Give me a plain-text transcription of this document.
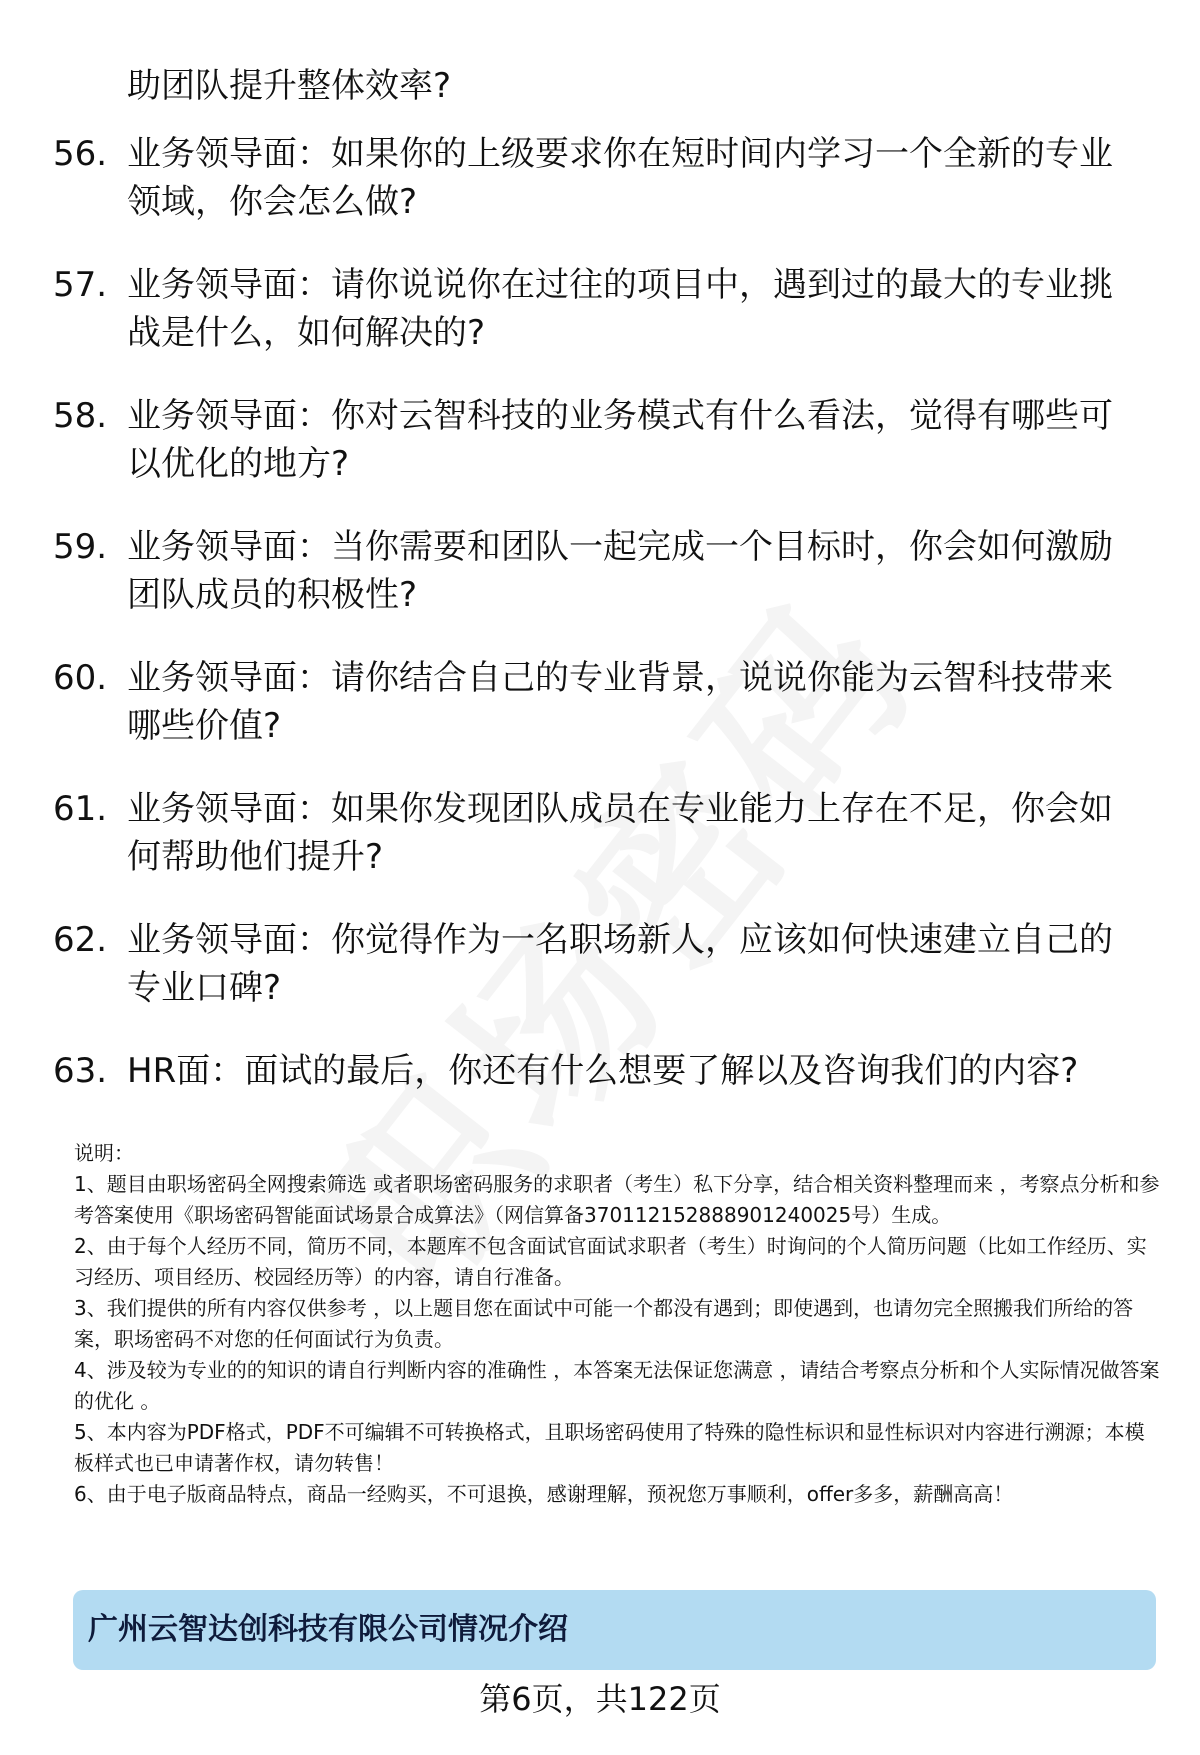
助团队提升整体效率?
56. 业务领导面：如果你的上级要求你在短时间内学习一个全新的专业领域，你会怎么做?
57. 业务领导面：请你说说你在过往的项目中，遇到过的最大的专业挑战是什么，如何解决的?
58. 业务领导面：你对云智科技的业务模式有什么看法，觉得有哪些可以优化的地方?
59. 业务领导面：当你需要和团队一起完成一个目标时，你会如何激励团队成员的积极性?
60. 业务领导面：请你结合自己的专业背景，说说你能为云智科技带来哪些价值?
61. 业务领导面：如果你发现团队成员在专业能力上存在不足，你会如何帮助他们提升?
62. 业务领导面：你觉得作为一名职场新人，应该如何快速建立自己的专业口碑?
63. HR面：面试的最后，你还有什么想要了解以及咨询我们的内容?

说明：

1、题目由职场密码全网搜索筛选 或者职场密码服务的求职者（考生）私下分享，结合相关资料整理而来 ，考察点分析和参考答案使用《职场密码智能面试场景合成算法》（网信算备370112152888901240025号）生成。

2、由于每个人经历不同，简历不同，本题库不包含面试官面试求职者（考生）时询问的个人简历问题（比如工作经历、实习经历、项目经历、校园经历等）的内容，请自行准备。

3、我们提供的所有内容仅供参考 ，以上题目您在面试中可能一个都没有遇到；即使遇到，也请勿完全照搬我们所给的答案，职场密码不对您的任何面试行为负责。

4、涉及较为专业的的知识的请自行判断内容的准确性 ，本答案无法保证您满意 ，请结合考察点分析和个人实际情况做答案的优化 。

5、本内容为PDF格式，PDF不可编辑不可转换格式，且职场密码使用了特殊的隐性标识和显性标识对内容进行溯源；本模板样式也已申请著作权，请勿转售！

6、由于电子版商品特点，商品一经购买，不可退换，感谢理解，预祝您万事顺利，offer多多，薪酬高高！

广州云智达创科技有限公司情况介绍
第6页，共122页
